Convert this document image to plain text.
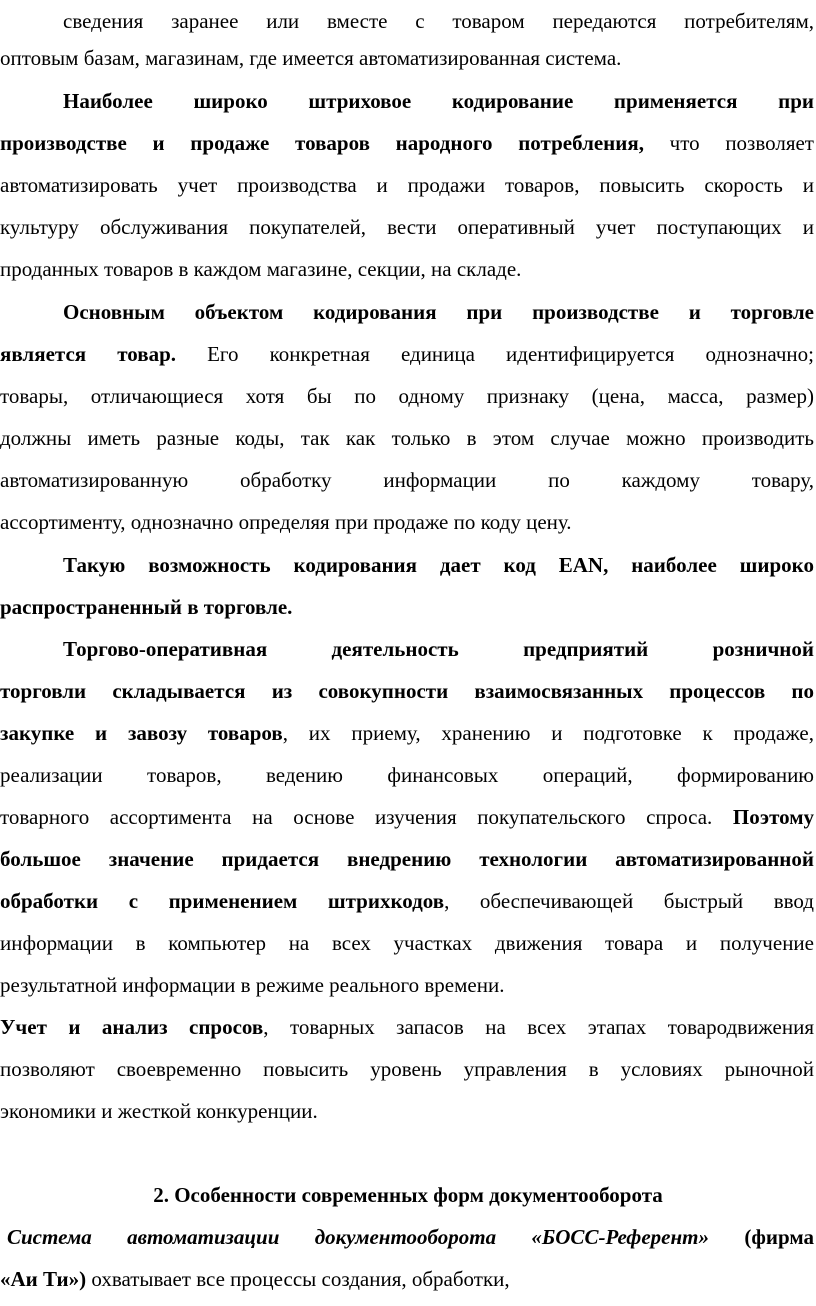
сведения заранее или вместе с товаром передаются потребителям,
оптовым базам, магазинам, где имеется автоматизированная система.
Наиболее широко штриховое кодирование применяется при
производстве и продаже товаров народного потребления, что позволяет
автоматизировать учет производства и продажи товаров, повысить скорость и
культуру обслуживания покупателей, вести оперативный учет поступающих и
проданных товаров в каждом магазине, секции, на складе.
Основным объектом кодирования при производстве и торговле
является товар. Его конкретная единица идентифицируется однозначно;
товары, отличающиеся хотя бы по одному признаку (цена, масса, размер)
должны иметь разные коды, так как только в этом случае можно производить
автоматизированную обработку информации по каждому товару,
ассортименту, однозначно определяя при продаже по коду цену.
Такую возможность кодирования дает код EAN, наиболее широко
распространенный в торговле.
Торгово-оперативная деятельность предприятий розничной
торговли складывается из совокупности взаимосвязанных процессов по
закупке и завозу товаров, их приему, хранению и подготовке к продаже,
реализации товаров, ведению финансовых операций, формированию
товарного ассортимента на основе изучения покупательского спроса. Поэтому
большое значение придается внедрению технологии автоматизированной
обработки с применением штрихкодов, обеспечивающей быстрый ввод
информации в компьютер на всех участках движения товара и получение
результатной информации в режиме реального времени.
Учет и анализ спросов, товарных запасов на всех этапах товародвижения
позволяют своевременно повысить уровень управления в условиях рыночной
экономики и жесткой конкуренции.
2. Особенности современных форм документооборота
Система автоматизации документооборота «БОСС-Референт» (фирма
«Аи Ти») охватывает все процессы создания, обработки,
